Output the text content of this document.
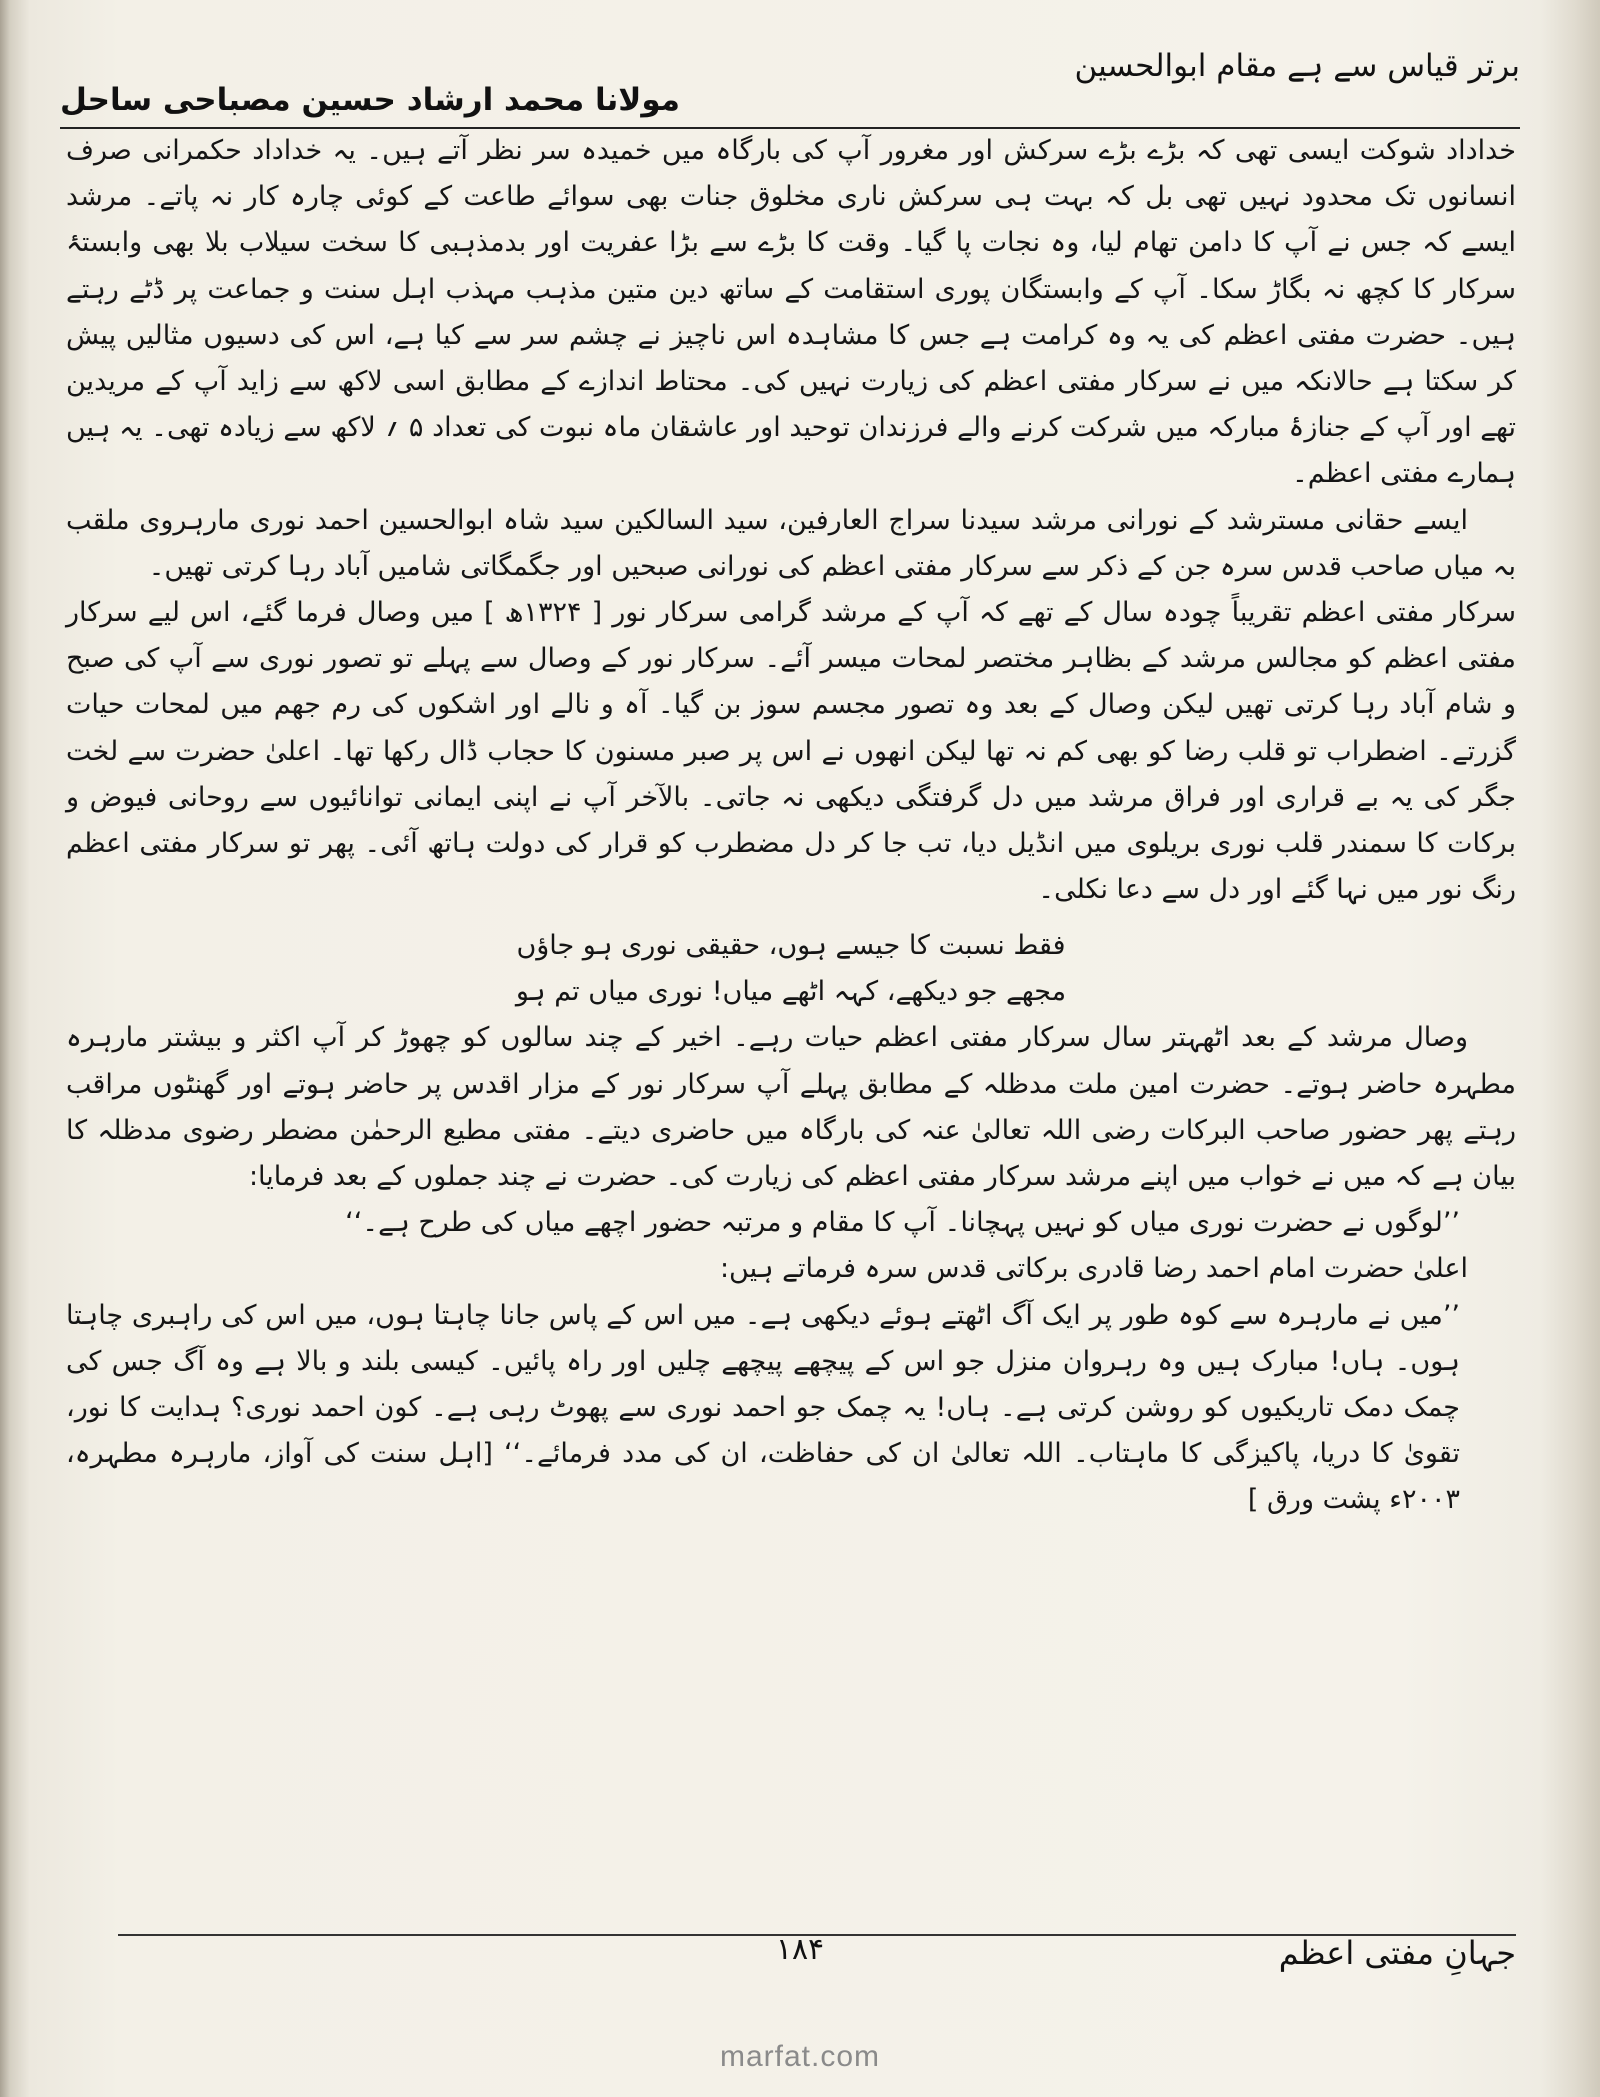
برتر قیاس سے ہے مقام ابوالحسین
مولانا محمد ارشاد حسین مصباحی ساحل

خداداد شوکت ایسی تھی کہ بڑے بڑے سرکش اور مغرور آپ کی بارگاہ میں خمیدہ سر نظر آتے ہیں۔ یہ خداداد حکمرانی صرف انسانوں تک محدود نہیں تھی بل کہ بہت ہی سرکش ناری مخلوق جنات بھی سوائے طاعت کے کوئی چارہ کار نہ پاتے۔ مرشد ایسے کہ جس نے آپ کا دامن تھام لیا، وہ نجات پا گیا۔ وقت کا بڑے سے بڑا عفریت اور بدمذہبی کا سخت سیلاب بلا بھی وابستۂ سرکار کا کچھ نہ بگاڑ سکا۔ آپ کے وابستگان پوری استقامت کے ساتھ دین متین مذہب مہذب اہل سنت و جماعت پر ڈٹے رہتے ہیں۔ حضرت مفتی اعظم کی یہ وہ کرامت ہے جس کا مشاہدہ اس ناچیز نے چشم سر سے کیا ہے، اس کی دسیوں مثالیں پیش کر سکتا ہے حالانکہ میں نے سرکار مفتی اعظم کی زیارت نہیں کی۔ محتاط اندازے کے مطابق اسی لاکھ سے زاید آپ کے مریدین تھے اور آپ کے جنازۂ مبارکہ میں شرکت کرنے والے فرزندان توحید اور عاشقان ماہ نبوت کی تعداد ۵ ؍ لاکھ سے زیادہ تھی۔ یہ ہیں ہمارے مفتی اعظم۔

ایسے حقانی مسترشد کے نورانی مرشد سیدنا سراج العارفین، سید السالکین سید شاہ ابوالحسین احمد نوری مارہروی ملقب بہ میاں صاحب قدس سرہ جن کے ذکر سے سرکار مفتی اعظم کی نورانی صبحیں اور جگمگاتی شامیں آباد رہا کرتی تھیں۔

سرکار مفتی اعظم تقریباً چودہ سال کے تھے کہ آپ کے مرشد گرامی سرکار نور [ ۱۳۲۴ھ ] میں وصال فرما گئے، اس لیے سرکار مفتی اعظم کو مجالس مرشد کے بظاہر مختصر لمحات میسر آئے۔ سرکار نور کے وصال سے پہلے تو تصور نوری سے آپ کی صبح و شام آباد رہا کرتی تھیں لیکن وصال کے بعد وہ تصور مجسم سوز بن گیا۔ آہ و نالے اور اشکوں کی رم جھم میں لمحات حیات گزرتے۔ اضطراب تو قلب رضا کو بھی کم نہ تھا لیکن انھوں نے اس پر صبر مسنون کا حجاب ڈال رکھا تھا۔ اعلیٰ حضرت سے لخت جگر کی یہ بے قراری اور فراق مرشد میں دل گرفتگی دیکھی نہ جاتی۔ بالآخر آپ نے اپنی ایمانی توانائیوں سے روحانی فیوض و برکات کا سمندر قلب نوری بریلوی میں انڈیل دیا، تب جا کر دل مضطرب کو قرار کی دولت ہاتھ آئی۔ پھر تو سرکار مفتی اعظم رنگ نور میں نہا گئے اور دل سے دعا نکلی۔

فقط نسبت کا جیسے ہوں، حقیقی نوری ہو جاؤں
مجھے جو دیکھے، کہہ اٹھے میاں! نوری میاں تم ہو

وصال مرشد کے بعد اٹھہتر سال سرکار مفتی اعظم حیات رہے۔ اخیر کے چند سالوں کو چھوڑ کر آپ اکثر و بیشتر مارہرہ مطہرہ حاضر ہوتے۔ حضرت امین ملت مدظلہ کے مطابق پہلے آپ سرکار نور کے مزار اقدس پر حاضر ہوتے اور گھنٹوں مراقب رہتے پھر حضور صاحب البرکات رضی اللہ تعالیٰ عنہ کی بارگاہ میں حاضری دیتے۔ مفتی مطیع الرحمٰن مضطر رضوی مدظلہ کا بیان ہے کہ میں نے خواب میں اپنے مرشد سرکار مفتی اعظم کی زیارت کی۔ حضرت نے چند جملوں کے بعد فرمایا:

’’لوگوں نے حضرت نوری میاں کو نہیں پہچانا۔ آپ کا مقام و مرتبہ حضور اچھے میاں کی طرح ہے۔‘‘

اعلیٰ حضرت امام احمد رضا قادری برکاتی قدس سرہ فرماتے ہیں:

’’میں نے مارہرہ سے کوہ طور پر ایک آگ اٹھتے ہوئے دیکھی ہے۔ میں اس کے پاس جانا چاہتا ہوں، میں اس کی راہبری چاہتا ہوں۔ ہاں! مبارک ہیں وہ رہروان منزل جو اس کے پیچھے پیچھے چلیں اور راہ پائیں۔ کیسی بلند و بالا ہے وہ آگ جس کی چمک دمک تاریکیوں کو روشن کرتی ہے۔ ہاں! یہ چمک جو احمد نوری سے پھوٹ رہی ہے۔ کون احمد نوری؟ ہدایت کا نور، تقویٰ کا دریا، پاکیزگی کا ماہتاب۔ اللہ تعالیٰ ان کی حفاظت، ان کی مدد فرمائے۔‘‘ [اہل سنت کی آواز، مارہرہ مطہرہ، ۲۰۰۳ء پشت ورق ]

۱۸۴	جہانِ مفتی اعظم
marfat.com
